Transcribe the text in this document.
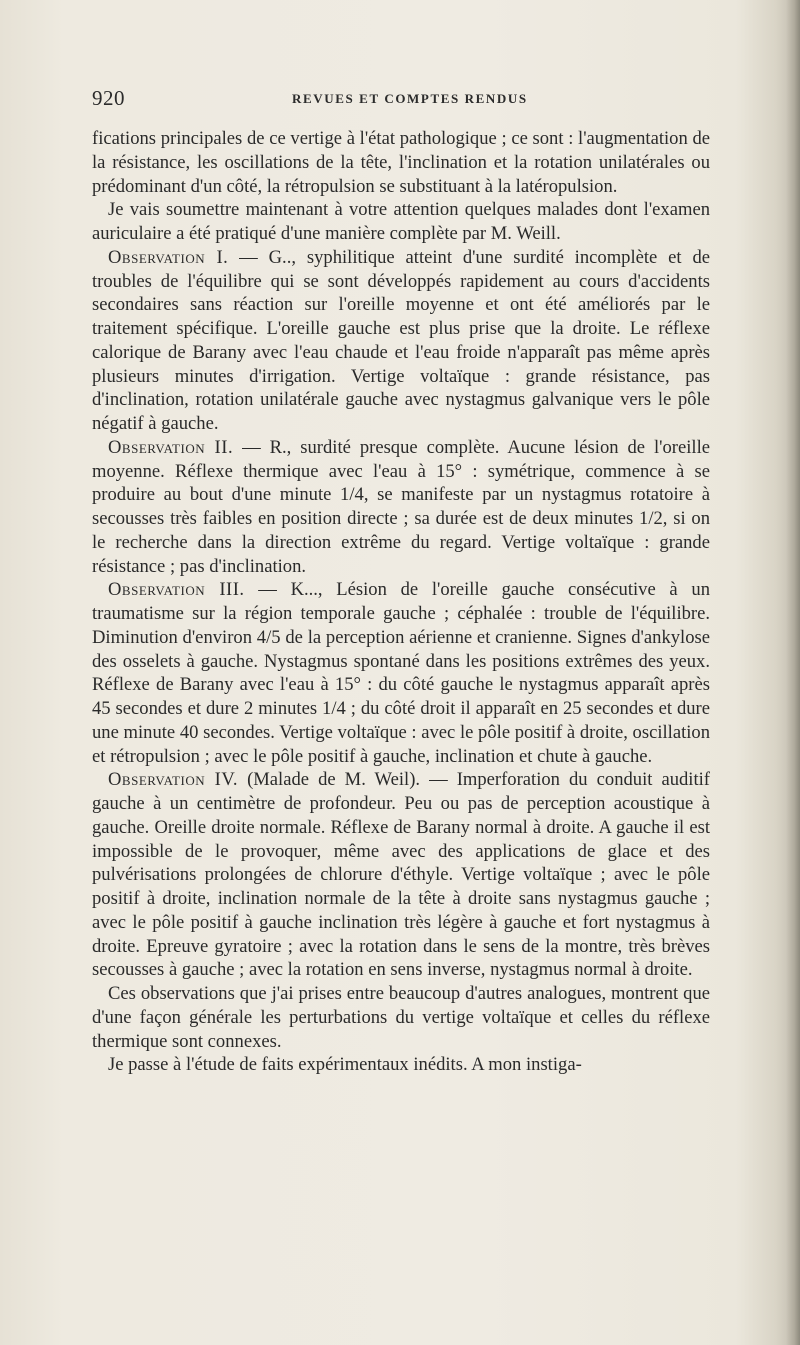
920	REVUES ET COMPTES RENDUS

fications principales de ce vertige à l'état pathologique ; ce sont : l'augmentation de la résistance, les oscillations de la tête, l'inclination et la rotation unilatérales ou prédominant d'un côté, la rétropulsion se substituant à la latéropulsion.

Je vais soumettre maintenant à votre attention quelques malades dont l'examen auriculaire a été pratiqué d'une manière complète par M. Weill.

Observation I. — G.., syphilitique atteint d'une surdité incomplète et de troubles de l'équilibre qui se sont développés rapidement au cours d'accidents secondaires sans réaction sur l'oreille moyenne et ont été améliorés par le traitement spécifique. L'oreille gauche est plus prise que la droite. Le réflexe calorique de Barany avec l'eau chaude et l'eau froide n'apparaît pas même après plusieurs minutes d'irrigation. Vertige voltaïque : grande résistance, pas d'inclination, rotation unilatérale gauche avec nystagmus galvanique vers le pôle négatif à gauche.

Observation II. — R., surdité presque complète. Aucune lésion de l'oreille moyenne. Réflexe thermique avec l'eau à 15° : symétrique, commence à se produire au bout d'une minute 1/4, se manifeste par un nystagmus rotatoire à secousses très faibles en position directe ; sa durée est de deux minutes 1/2, si on le recherche dans la direction extrême du regard. Vertige voltaïque : grande résistance ; pas d'inclination.

Observation III. — K..., Lésion de l'oreille gauche consécutive à un traumatisme sur la région temporale gauche ; céphalée : trouble de l'équilibre. Diminution d'environ 4/5 de la perception aérienne et cranienne. Signes d'ankylose des osselets à gauche. Nystagmus spontané dans les positions extrêmes des yeux. Réflexe de Barany avec l'eau à 15° : du côté gauche le nystagmus apparaît après 45 secondes et dure 2 minutes 1/4 ; du côté droit il apparaît en 25 secondes et dure une minute 40 secondes. Vertige voltaïque : avec le pôle positif à droite, oscillation et rétropulsion ; avec le pôle positif à gauche, inclination et chute à gauche.

Observation IV. (Malade de M. Weil). — Imperforation du conduit auditif gauche à un centimètre de profondeur. Peu ou pas de perception acoustique à gauche. Oreille droite normale. Réflexe de Barany normal à droite. A gauche il est impossible de le provoquer, même avec des applications de glace et des pulvérisations prolongées de chlorure d'éthyle. Vertige voltaïque ; avec le pôle positif à droite, inclination normale de la tête à droite sans nystagmus gauche ; avec le pôle positif à gauche inclination très légère à gauche et fort nystagmus à droite. Epreuve gyratoire ; avec la rotation dans le sens de la montre, très brèves secousses à gauche ; avec la rotation en sens inverse, nystagmus normal à droite.

Ces observations que j'ai prises entre beaucoup d'autres analogues, montrent que d'une façon générale les perturbations du vertige voltaïque et celles du réflexe thermique sont connexes.

Je passe à l'étude de faits expérimentaux inédits. A mon instiga-
